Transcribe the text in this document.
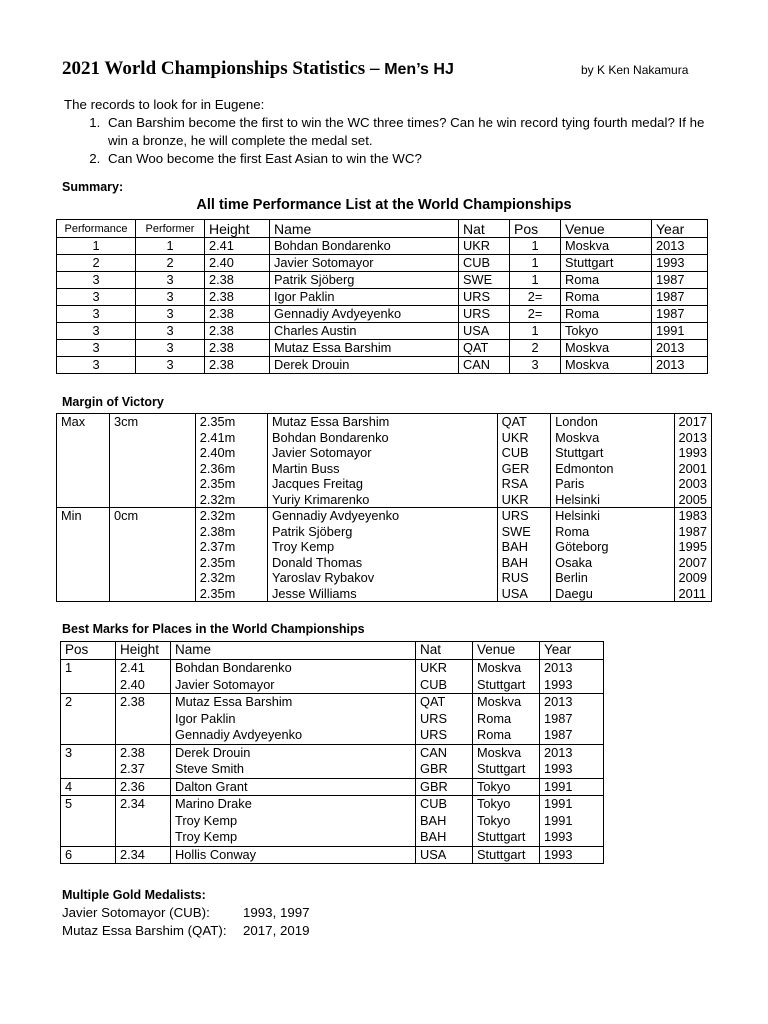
2021 World Championships Statistics – Men’s HJ	by K Ken Nakamura
The records to look for in Eugene:
1. Can Barshim become the first to win the WC three times? Can he win record tying fourth medal? If he win a bronze, he will complete the medal set.
2. Can Woo become the first East Asian to win the WC?
Summary:
All time Performance List at the World Championships
Performance	Performer	Height	Name	Nat	Pos	Venue	Year
1	1	2.41	Bohdan Bondarenko	UKR	1	Moskva	2013
2	2	2.40	Javier Sotomayor	CUB	1	Stuttgart	1993
3	3	2.38	Patrik Sjöberg	SWE	1	Roma	1987
3	3	2.38	Igor Paklin	URS	2=	Roma	1987
3	3	2.38	Gennadiy Avdyeyenko	URS	2=	Roma	1987
3	3	2.38	Charles Austin	USA	1	Tokyo	1991
3	3	2.38	Mutaz Essa Barshim	QAT	2	Moskva	2013
3	3	2.38	Derek Drouin	CAN	3	Moskva	2013
Margin of Victory
Max	3cm	2.35m	Mutaz Essa Barshim	QAT	London	2017
		2.41m	Bohdan Bondarenko	UKR	Moskva	2013
		2.40m	Javier Sotomayor	CUB	Stuttgart	1993
		2.36m	Martin Buss	GER	Edmonton	2001
		2.35m	Jacques Freitag	RSA	Paris	2003
		2.32m	Yuriy Krimarenko	UKR	Helsinki	2005
Min	0cm	2.32m	Gennadiy Avdyeyenko	URS	Helsinki	1983
		2.38m	Patrik Sjöberg	SWE	Roma	1987
		2.37m	Troy Kemp	BAH	Göteborg	1995
		2.35m	Donald Thomas	BAH	Osaka	2007
		2.32m	Yaroslav Rybakov	RUS	Berlin	2009
		2.35m	Jesse Williams	USA	Daegu	2011
Best Marks for Places in the World Championships
Pos	Height	Name	Nat	Venue	Year
1	2.41	Bohdan Bondarenko	UKR	Moskva	2013
	2.40	Javier Sotomayor	CUB	Stuttgart	1993
2	2.38	Mutaz Essa Barshim	QAT	Moskva	2013
		Igor Paklin	URS	Roma	1987
		Gennadiy Avdyeyenko	URS	Roma	1987
3	2.38	Derek Drouin	CAN	Moskva	2013
	2.37	Steve Smith	GBR	Stuttgart	1993
4	2.36	Dalton Grant	GBR	Tokyo	1991
5	2.34	Marino Drake	CUB	Tokyo	1991
		Troy Kemp	BAH	Tokyo	1991
		Troy Kemp	BAH	Stuttgart	1993
6	2.34	Hollis Conway	USA	Stuttgart	1993
Multiple Gold Medalists:
Javier Sotomayor (CUB): 1993, 1997
Mutaz Essa Barshim (QAT): 2017, 2019
